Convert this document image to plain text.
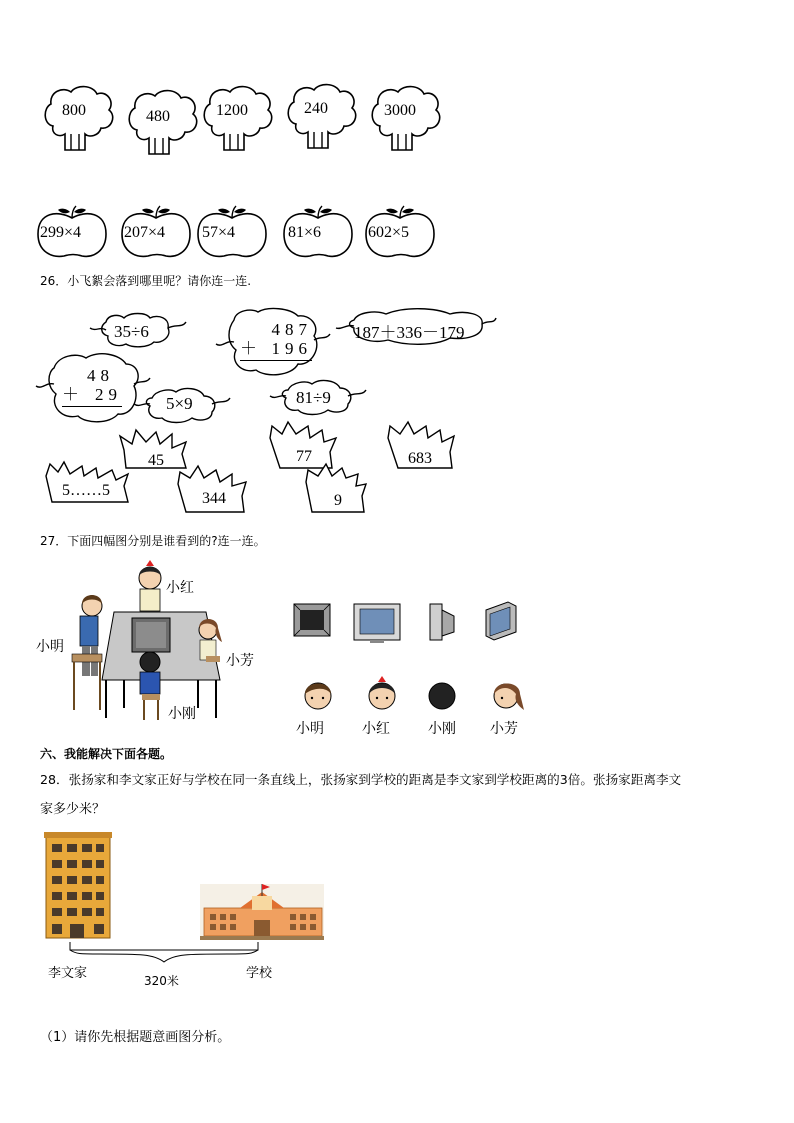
800	480	1200	240	3000
299×4	207×4 57×4	81×6	602×5
26．小飞絮会落到哪里呢？请你连一连.
35÷6	487
＋ 196
187＋336－179
48
＋ 29	5×9	81÷9
45
5……5	344
77
9
683
27．下面四幅图分别是谁看到的?连一连。
小红
小明
小芳
小刚
小明	小红	小刚 小芳
六、我能解决下面各题。
28．张扬家和李文家正好与学校在同一条直线上，张扬家到学校的距离是李文家到学校距离的3倍。张扬家距离李文
家多少米？
李文家	学校
320米
（1）请你先根据题意画图分析。
